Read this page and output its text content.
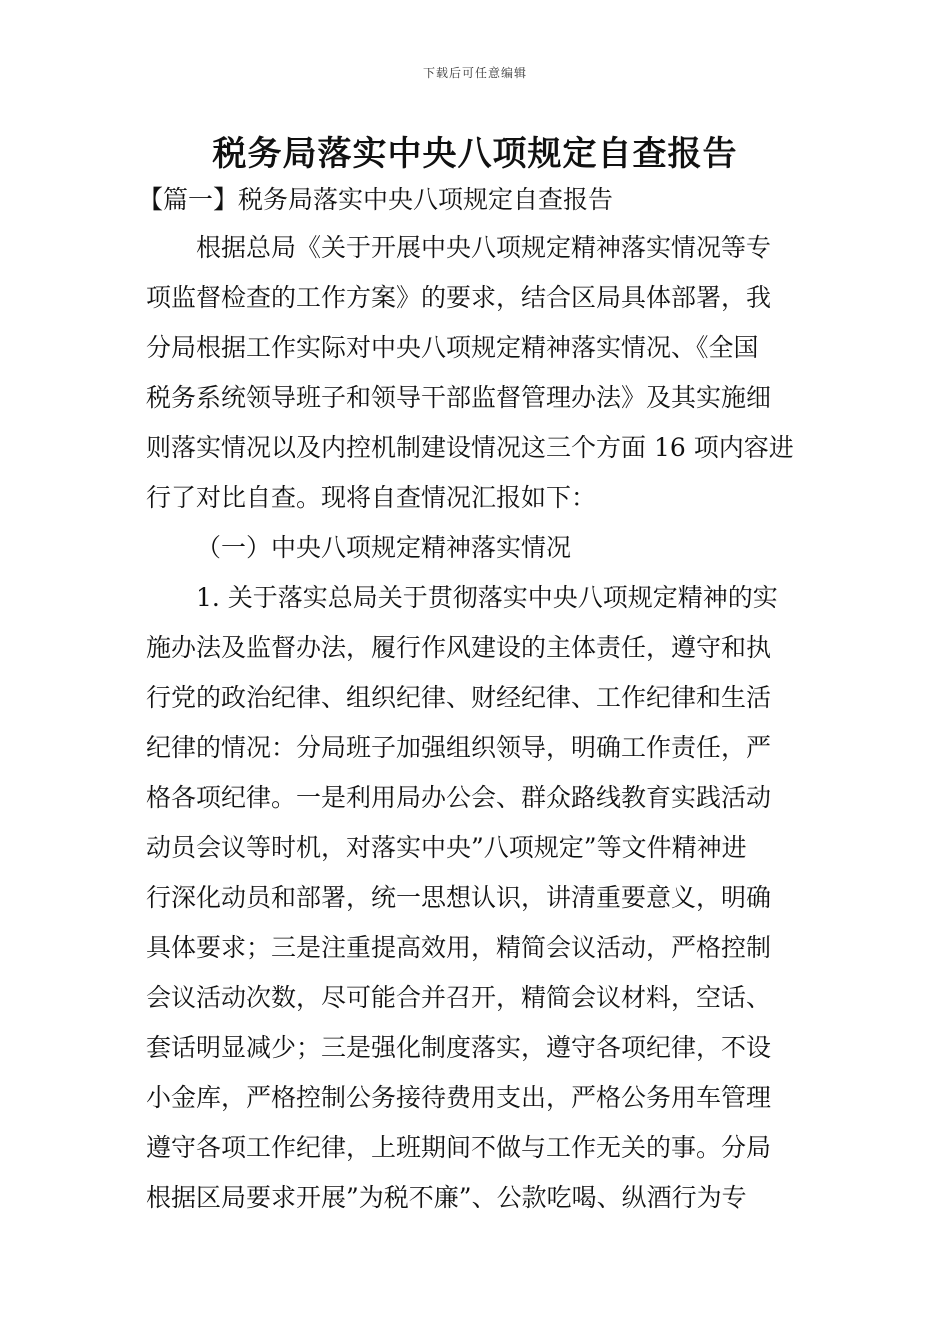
下载后可任意编辑
税务局落实中央八项规定自查报告
【篇一】税务局落实中央八项规定自查报告
根据总局《关于开展中央八项规定精神落实情况等专
项监督检查的工作方案》的要求，结合区局具体部署，我
分局根据工作实际对中央八项规定精神落实情况、《全国
税务系统领导班子和领导干部监督管理办法》及其实施细
则落实情况以及内控机制建设情况这三个方面 16 项内容进
行了对比自查。现将自查情况汇报如下：
（一）中央八项规定精神落实情况
1. 关于落实总局关于贯彻落实中央八项规定精神的实
施办法及监督办法，履行作风建设的主体责任，遵守和执
行党的政治纪律、组织纪律、财经纪律、工作纪律和生活
纪律的情况：分局班子加强组织领导，明确工作责任，严
格各项纪律。一是利用局办公会、群众路线教育实践活动
动员会议等时机，对落实中央”八项规定”等文件精神进
行深化动员和部署，统一思想认识，讲清重要意义，明确
具体要求；三是注重提高效用，精简会议活动，严格控制
会议活动次数，尽可能合并召开，精简会议材料，空话、
套话明显减少；三是强化制度落实，遵守各项纪律，不设
小金库，严格控制公务接待费用支出，严格公务用车管理
遵守各项工作纪律，上班期间不做与工作无关的事。分局
根据区局要求开展”为税不廉”、公款吃喝、纵酒行为专
